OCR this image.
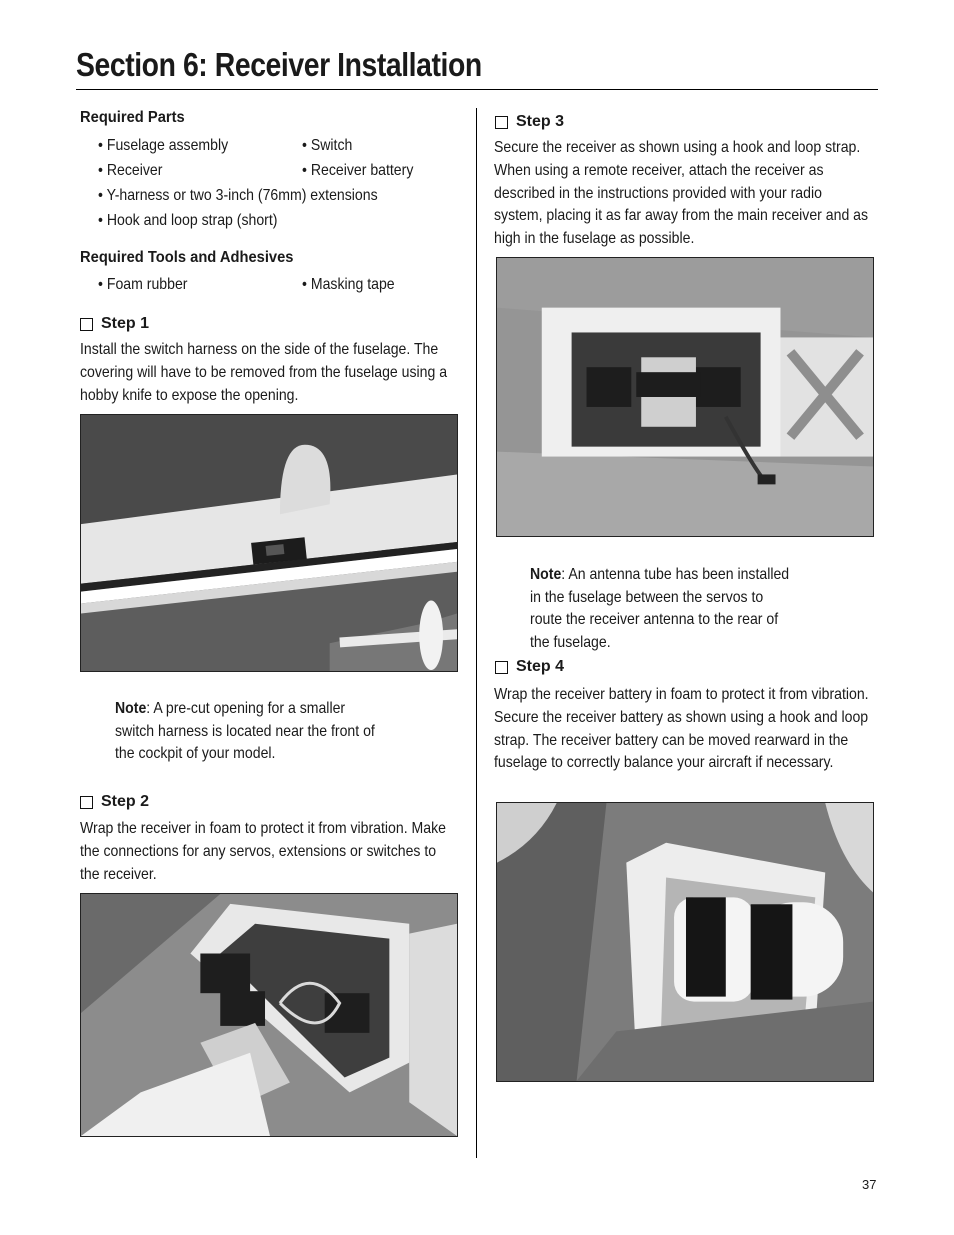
Section 6: Receiver Installation
Required Parts
• Fuselage assembly	• Switch
• Receiver	• Receiver battery
• Y-harness or two 3-inch (76mm) extensions
• Hook and loop strap (short)
Required Tools and Adhesives
• Foam rubber	• Masking tape
Step 1
Install the switch harness on the side of the fuselage. The covering will have to be removed from the fuselage using a hobby knife to expose the opening.
Note: A pre-cut opening for a smaller switch harness is located near the front of the cockpit of your model.
Step 2
Wrap the receiver in foam to protect it from vibration. Make the connections for any servos, extensions or switches to the receiver.
Step 3
Secure the receiver as shown using a hook and loop strap. When using a remote receiver, attach the receiver as described in the instructions provided with your radio system, placing it as far away from the main receiver and as high in the fuselage as possible.
Note: An antenna tube has been installed in the fuselage between the servos to route the receiver antenna to the rear of the fuselage.
Step 4
Wrap the receiver battery in foam to protect it from vibration. Secure the receiver battery as shown using a hook and loop strap. The receiver battery can be moved rearward in the fuselage to correctly balance your aircraft if necessary.
37
